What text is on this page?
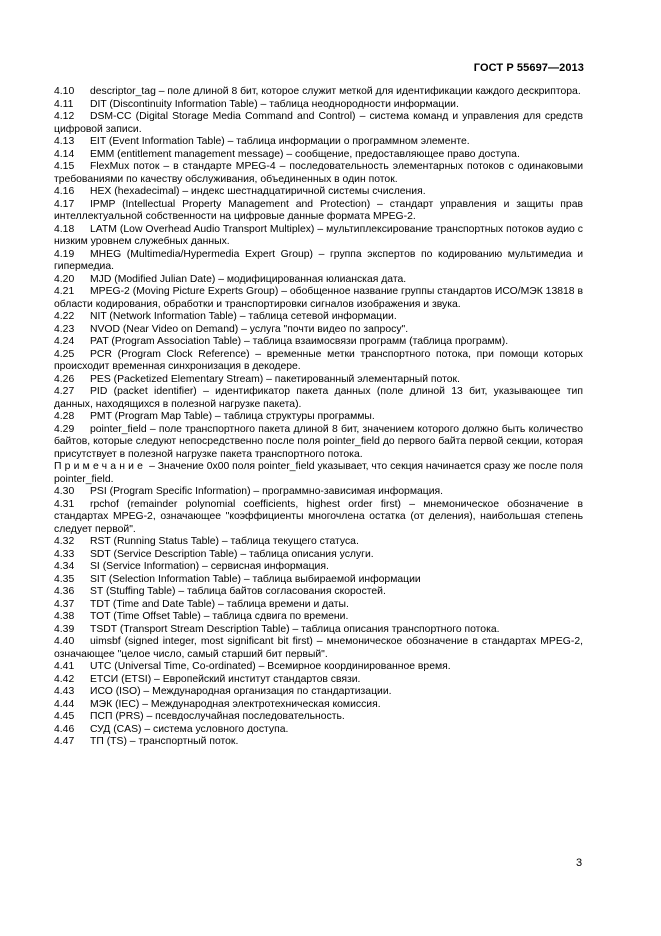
ГОСТ Р 55697—2013

4.10 descriptor_tag – поле длиной 8 бит, которое служит меткой для идентификации каждого дескриптора.

4.11 DIT (Discontinuity Information Table) – таблица неоднородности информации.

4.12 DSM-CC (Digital Storage Media Command and Control) – система команд и управления для средств цифровой записи.

4.13 EIT (Event Information Table) – таблица информации о программном элементе.

4.14 EMM (entitlement management message) – сообщение, предоставляющее право доступа.

4.15 FlexMux поток – в стандарте MPEG-4 – последовательность элементарных потоков с одинаковыми требованиями по качеству обслуживания, объединенных в один поток.

4.16 HEX (hexadecimal) – индекс шестнадцатиричной системы счисления.

4.17 IPMP (Intellectual Property Management and Protection) – стандарт управления и защиты прав интеллектуальной собственности на цифровые данные формата MPEG-2.

4.18 LATM (Low Overhead Audio Transport Multiplex) – мультиплексирование транспортных потоков аудио с низким уровнем служебных данных.

4.19 MHEG (Multimedia/Hypermedia Expert Group) – группа экспертов по кодированию мультимедиа и гипермедиа.

4.20 MJD (Modified Julian Date) – модифицированная юлианская дата.

4.21 MPEG-2 (Moving Picture Experts Group) – обобщенное название группы стандартов ИСО/МЭК 13818 в области кодирования, обработки и транспортировки сигналов изображения и звука.

4.22 NIT (Network Information Table) – таблица сетевой информации.

4.23 NVOD (Near Video on Demand) – услуга "почти видео по запросу".

4.24 PAT (Program Association Table) – таблица взаимосвязи программ (таблица программ).

4.25 PCR (Program Clock Reference) – временные метки транспортного потока, при помощи которых происходит временная синхронизация в декодере.

4.26 PES (Packetized Elementary Stream) – пакетированный элементарный поток.

4.27 PID (packet identifier) – идентификатор пакета данных (поле длиной 13 бит, указывающее тип данных, находящихся в полезной нагрузке пакета).

4.28 PMT (Program Map Table) – таблица структуры программы.

4.29 pointer_field – поле транспортного пакета длиной 8 бит, значением которого должно быть количество байтов, которые следуют непосредственно после поля pointer_field до первого байта первой секции, которая присутствует в полезной нагрузке пакета транспортного потока.

Примечание – Значение 0x00 поля pointer_field указывает, что секция начинается сразу же после поля pointer_field.

4.30 PSI (Program Specific Information) – программно-зависимая информация.

4.31 rpchof (remainder polynomial coefficients, highest order first) – мнемоническое обозначение в стандартах MPEG-2, означающее "коэффициенты многочлена остатка (от деления), наибольшая степень следует первой".

4.32 RST (Running Status Table) – таблица текущего статуса.

4.33 SDT (Service Description Table) – таблица описания услуги.

4.34 SI (Service Information) – сервисная информация.

4.35 SIT (Selection Information Table) – таблица выбираемой информации

4.36 ST (Stuffing Table) – таблица байтов согласования скоростей.

4.37 TDT (Time and Date Table) – таблица времени и даты.

4.38 TOT (Time Offset Table) – таблица сдвига по времени.

4.39 TSDT (Transport Stream Description Table) – таблица описания транспортного потока.

4.40 uimsbf (signed integer, most significant bit first) – мнемоническое обозначение в стандартах MPEG-2, означающее "целое число, самый старший бит первый".

4.41 UTC (Universal Time, Co-ordinated) – Всемирное координированное время.

4.42 ЕТСИ (ETSI) – Европейский институт стандартов связи.

4.43 ИСО (ISO) – Международная организация по стандартизации.

4.44 МЭК (IEC) – Международная электротехническая комиссия.

4.45 ПСП (PRS) – псевдослучайная последовательность.

4.46 СУД (CAS) – система условного доступа.

4.47 ТП (TS) – транспортный поток.

3
